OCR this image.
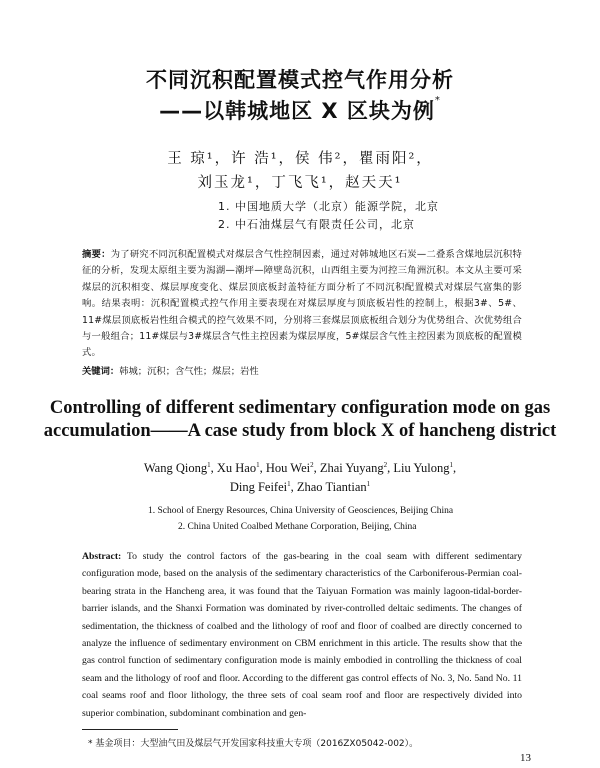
不同沉积配置模式控气作用分析
——以韩城地区 X 区块为例*
王 琼¹，许 浩¹，侯 伟²，瞿雨阳²，
刘玉龙¹，丁飞飞¹，赵天天¹
1. 中国地质大学（北京）能源学院，北京
2. 中石油煤层气有限责任公司，北京
摘要：为了研究不同沉积配置模式对煤层含气性控制因素，通过对韩城地区石炭—二叠系含煤地层沉积特征的分析，发现太原组主要为潟湖—潮坪—障壁岛沉积，山西组主要为河控三角洲沉积。本文从主要可采煤层的沉积相变、煤层厚度变化、煤层顶底板封盖特征方面分析了不同沉积配置模式对煤层气富集的影响。结果表明：沉积配置模式控气作用主要表现在对煤层厚度与顶底板岩性的控制上，根据3#、5#、11#煤层顶底板岩性组合模式的控气效果不同，分别将三套煤层顶底板组合划分为优势组合、次优势组合与一般组合；11#煤层与3#煤层含气性主控因素为煤层厚度，5#煤层含气性主控因素为顶底板的配置模式。
关键词：韩城；沉积；含气性；煤层；岩性
Controlling of different sedimentary configuration mode on gas
accumulation——A case study from block X of hancheng district
Wang Qiong$^1$, Xu Hao$^1$, Hou Wei$^2$, Zhai Yuyang$^2$, Liu Yulong$^1$,
Ding Feifei$^1$, Zhao Tiantian$^1$
1. School of Energy Resources, China University of Geosciences, Beijing China
2. China United Coalbed Methane Corporation, Beijing, China
Abstract: To study the control factors of the gas-bearing in the coal seam with different sedimentary configuration mode, based on the analysis of the sedimentary characteristics of the Carboniferous-Permian coal-bearing strata in the Hancheng area, it was found that the Taiyuan Formation was mainly lagoon-tidal-border-barrier islands, and the Shanxi Formation was dominated by river-controlled deltaic sediments. The changes of sedimentation, the thickness of coalbed and the lithology of roof and floor of coalbed are directly concerned to analyze the influence of sedimentary environment on CBM enrichment in this article. The results show that the gas control function of sedimentary configuration mode is mainly embodied in controlling the thickness of coal seam and the lithology of roof and floor. According to the different gas control effects of No. 3, No. 5and No. 11 coal seams roof and floor lithology, the three sets of coal seam roof and floor are respectively divided into superior combination, subdominant combination and gen-
* 基金项目：大型油气田及煤层气开发国家科技重大专项（2016ZX05042-002）。
13
